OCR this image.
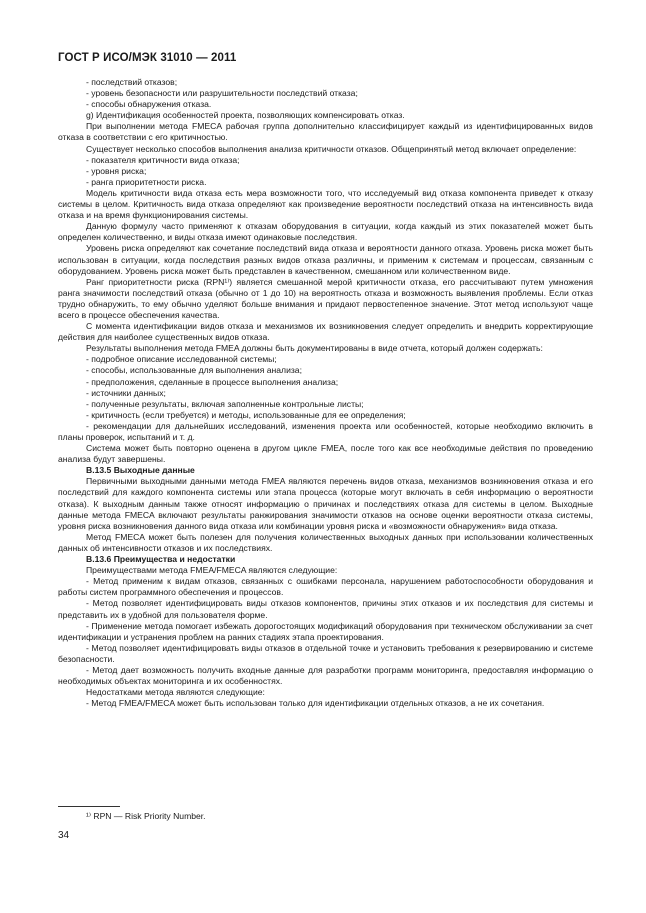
ГОСТ Р ИСО/МЭК 31010 — 2011

- последствий отказов;

- уровень безопасности или разрушительности последствий отказа;

- способы обнаружения отказа.

g) Идентификация особенностей проекта, позволяющих компенсировать отказ.

При выполнении метода FMECA рабочая группа дополнительно классифицирует каждый из идентифицированных видов отказа в соответствии с его критичностью.

Существует несколько способов выполнения анализа критичности отказов. Общепринятый метод включает определение:

- показателя критичности вида отказа;

- уровня риска;

- ранга приоритетности риска.

Модель критичности вида отказа есть мера возможности того, что исследуемый вид отказа компонента приведет к отказу системы в целом. Критичность вида отказа определяют как произведение вероятности последствий отказа на интенсивность вида отказа и на время функционирования системы.

Данную формулу часто применяют к отказам оборудования в ситуации, когда каждый из этих показателей может быть определен количественно, и виды отказа имеют одинаковые последствия.

Уровень риска определяют как сочетание последствий вида отказа и вероятности данного отказа. Уровень риска может быть использован в ситуации, когда последствия разных видов отказа различны, и применим к системам и процессам, связанным с оборудованием. Уровень риска может быть представлен в качественном, смешанном или количественном виде.

Ранг приоритетности риска (RPN¹⁾) является смешанной мерой критичности отказа, его рассчитывают путем умножения ранга значимости последствий отказа (обычно от 1 до 10) на вероятность отказа и возможность выявления проблемы. Если отказ трудно обнаружить, то ему обычно уделяют больше внимания и придают первостепенное значение. Этот метод используют чаще всего в процессе обеспечения качества.

С момента идентификации видов отказа и механизмов их возникновения следует определить и внедрить корректирующие действия для наиболее существенных видов отказа.

Результаты выполнения метода FMEA должны быть документированы в виде отчета, который должен содержать:

- подробное описание исследованной системы;

- способы, использованные для выполнения анализа;

- предположения, сделанные в процессе выполнения анализа;

- источники данных;

- полученные результаты, включая заполненные контрольные листы;

- критичность (если требуется) и методы, использованные для ее определения;

- рекомендации для дальнейших исследований, изменения проекта или особенностей, которые необходимо включить в планы проверок, испытаний и т. д.

Система может быть повторно оценена в другом цикле FMEA, после того как все необходимые действия по проведению анализа будут завершены.

B.13.5 Выходные данные

Первичными выходными данными метода FMEA являются перечень видов отказа, механизмов возникновения отказа и его последствий для каждого компонента системы или этапа процесса (которые могут включать в себя информацию о вероятности отказа). К выходным данным также относят информацию о причинах и последствиях отказа для системы в целом. Выходные данные метода FMECA включают результаты ранжирования значимости отказов на основе оценки вероятности отказа системы, уровня риска возникновения данного вида отказа или комбинации уровня риска и «возможности обнаружения» вида отказа.

Метод FMECA может быть полезен для получения количественных выходных данных при использовании количественных данных об интенсивности отказов и их последствиях.

B.13.6 Преимущества и недостатки

Преимуществами метода FMEA/FMECA являются следующие:

- Метод применим к видам отказов, связанных с ошибками персонала, нарушением работоспособности оборудования и работы систем программного обеспечения и процессов.

- Метод позволяет идентифицировать виды отказов компонентов, причины этих отказов и их последствия для системы и представить их в удобной для пользователя форме.

- Применение метода помогает избежать дорогостоящих модификаций оборудования при техническом обслуживании за счет идентификации и устранения проблем на ранних стадиях этапа проектирования.

- Метод позволяет идентифицировать виды отказов в отдельной точке и установить требования к резервированию и системе безопасности.

- Метод дает возможность получить входные данные для разработки программ мониторинга, предоставляя информацию о необходимых объектах мониторинга и их особенностях.

Недостатками метода являются следующие:

- Метод FMEA/FMECA может быть использован только для идентификации отдельных отказов, а не их сочетания.

¹⁾ RPN — Risk Priority Number.
34
